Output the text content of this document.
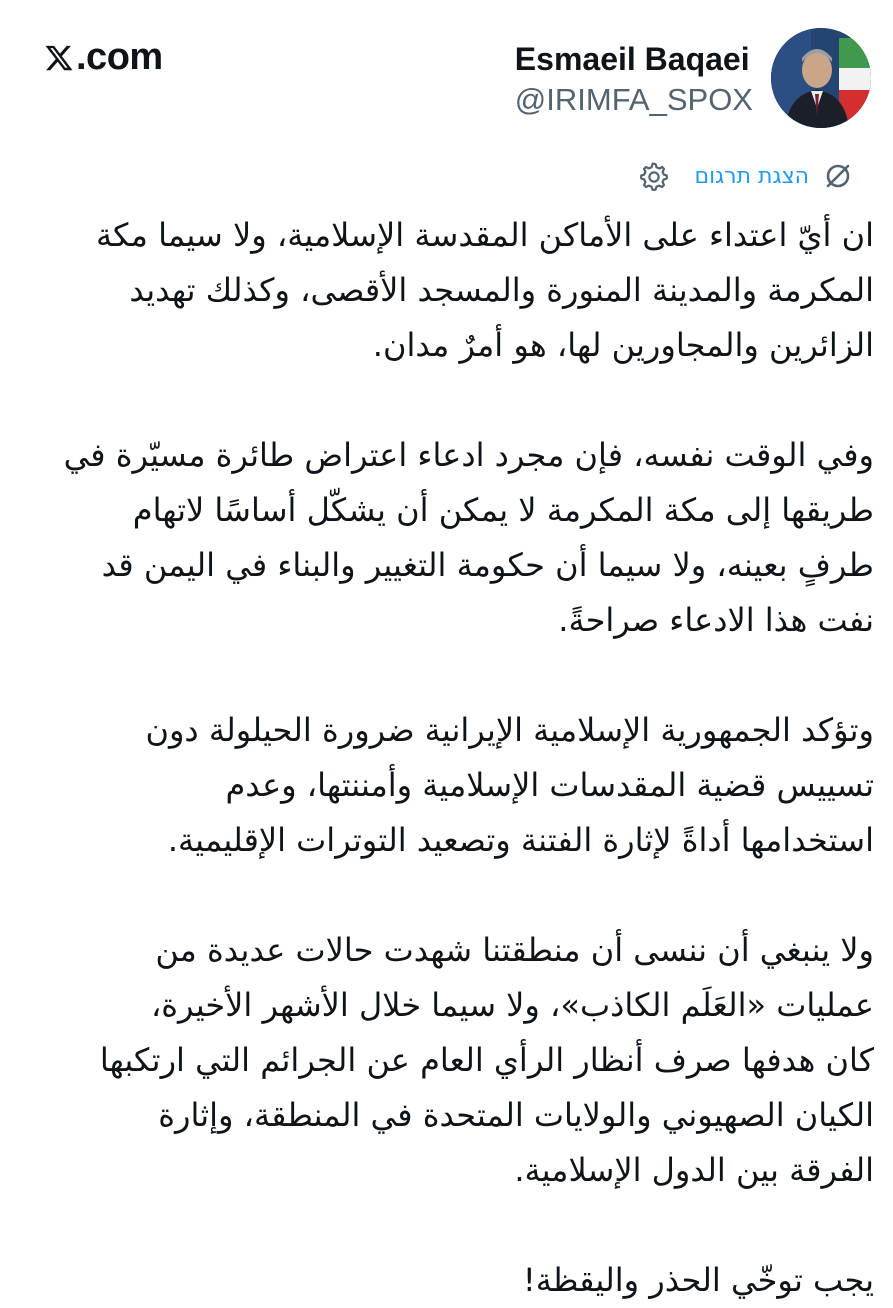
.com	Esmaeil Baqaei
@IRIMFA_SPOX
הצגת תרגום

ان أيّ اعتداء على الأماكن المقدسة الإسلامية، ولا سيما مكة
المكرمة والمدينة المنورة والمسجد الأقصى، وكذلك تهديد
الزائرين والمجاورين لها، هو أمرٌ مدان.

وفي الوقت نفسه، فإن مجرد ادعاء اعتراض طائرة مسيّرة في
طريقها إلى مكة المكرمة لا يمكن أن يشكّل أساسًا لاتهام
طرفٍ بعينه، ولا سيما أن حكومة التغيير والبناء في اليمن قد
نفت هذا الادعاء صراحةً.

وتؤكد الجمهورية الإسلامية الإيرانية ضرورة الحيلولة دون
تسييس قضية المقدسات الإسلامية وأمننتها، وعدم
استخدامها أداةً لإثارة الفتنة وتصعيد التوترات الإقليمية.

ولا ينبغي أن ننسى أن منطقتنا شهدت حالات عديدة من
عمليات «العَلَم الكاذب»، ولا سيما خلال الأشهر الأخيرة،
كان هدفها صرف أنظار الرأي العام عن الجرائم التي ارتكبها
الكيان الصهيوني والولايات المتحدة في المنطقة، وإثارة
الفرقة بين الدول الإسلامية.

يجب توخّي الحذر واليقظة!
